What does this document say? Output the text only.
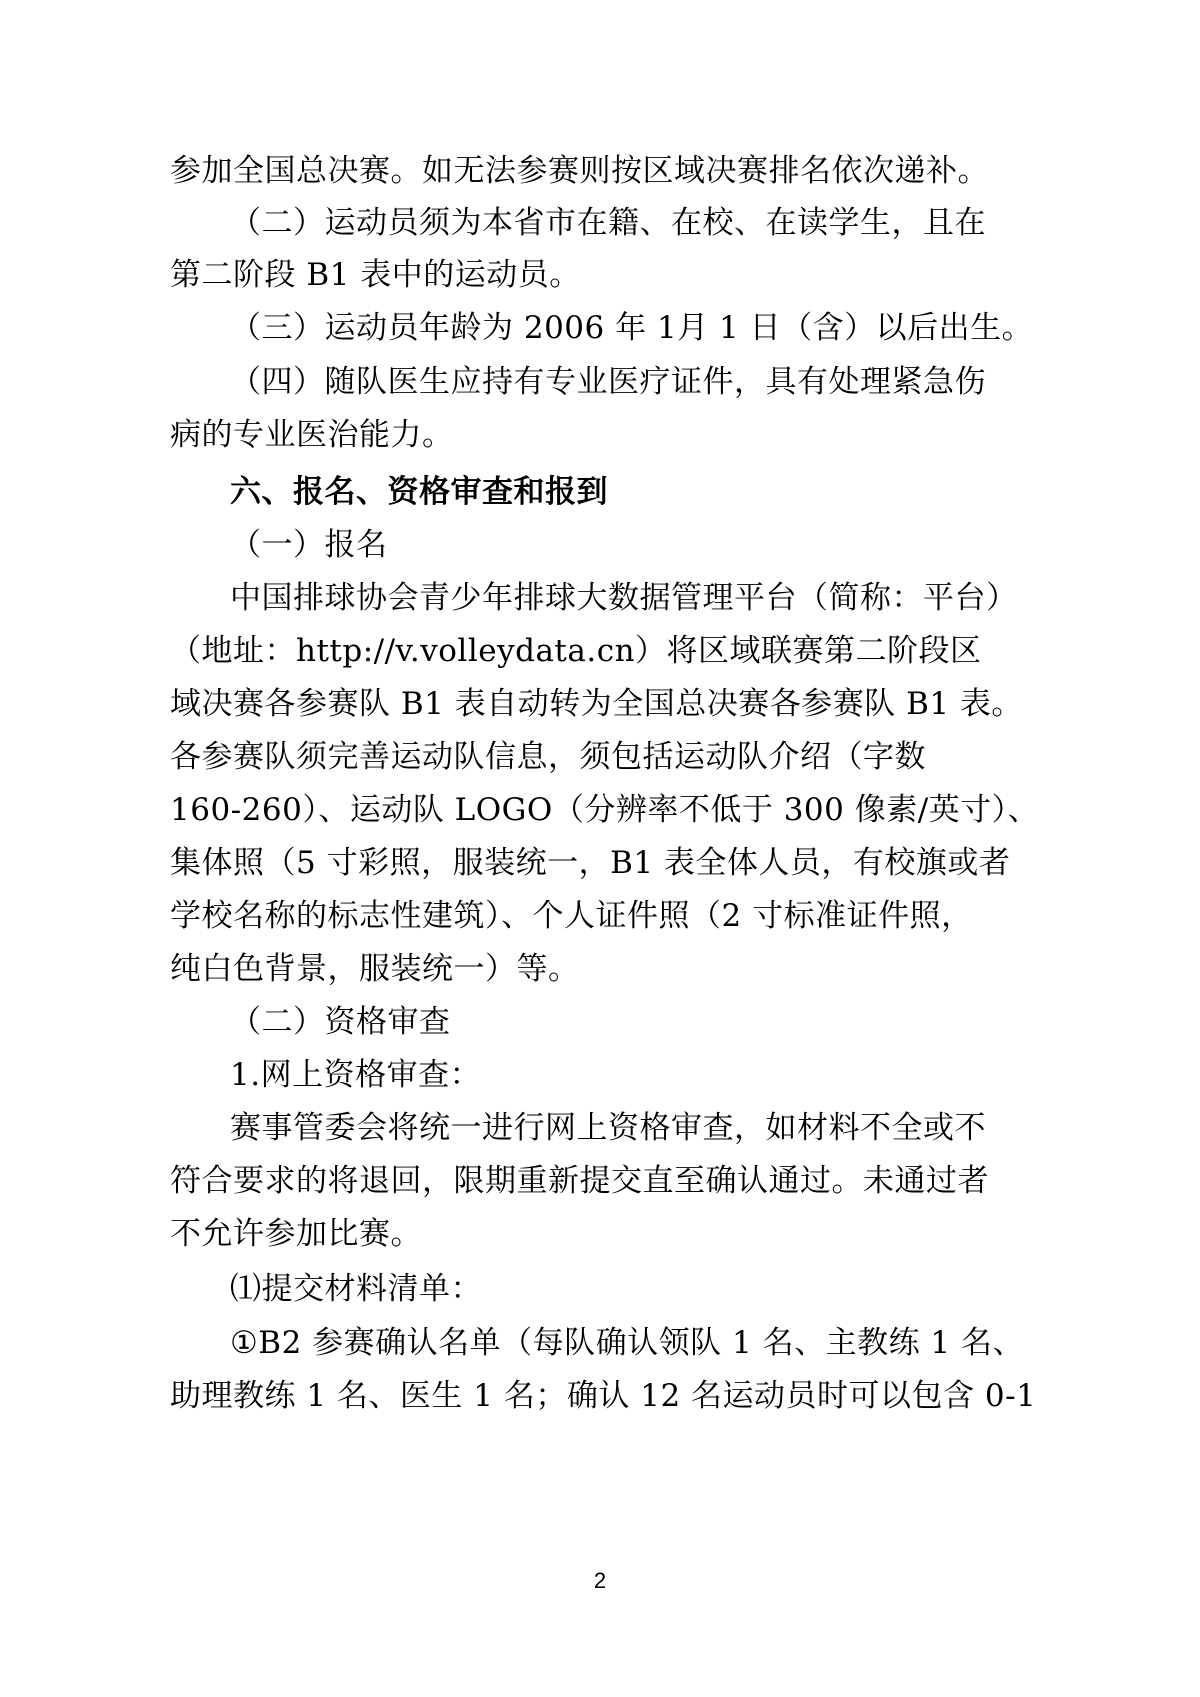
参加全国总决赛。如无法参赛则按区域决赛排名依次递补。
（二）运动员须为本省市在籍、在校、在读学生，且在
第二阶段 B1 表中的运动员。
（三）运动员年龄为 2006 年 1月 1 日（含）以后出生。
（四）随队医生应持有专业医疗证件，具有处理紧急伤
病的专业医治能力。
六、报名、资格审查和报到
（一）报名
中国排球协会青少年排球大数据管理平台（简称：平台）
（地址：http://v.volleydata.cn）将区域联赛第二阶段区
域决赛各参赛队 B1 表自动转为全国总决赛各参赛队 B1 表。
各参赛队须完善运动队信息，须包括运动队介绍（字数
160-260）、运动队 LOGO（分辨率不低于 300 像素/英寸）、
集体照（5 寸彩照，服装统一，B1 表全体人员，有校旗或者
学校名称的标志性建筑）、个人证件照（2 寸标准证件照，
纯白色背景，服装统一）等。
（二）资格审查
1.网上资格审查：
赛事管委会将统一进行网上资格审查，如材料不全或不
符合要求的将退回，限期重新提交直至确认通过。未通过者
不允许参加比赛。
⑴提交材料清单：
①B2 参赛确认名单（每队确认领队 1 名、主教练 1 名、
助理教练 1 名、医生 1 名；确认 12 名运动员时可以包含 0-1
2
